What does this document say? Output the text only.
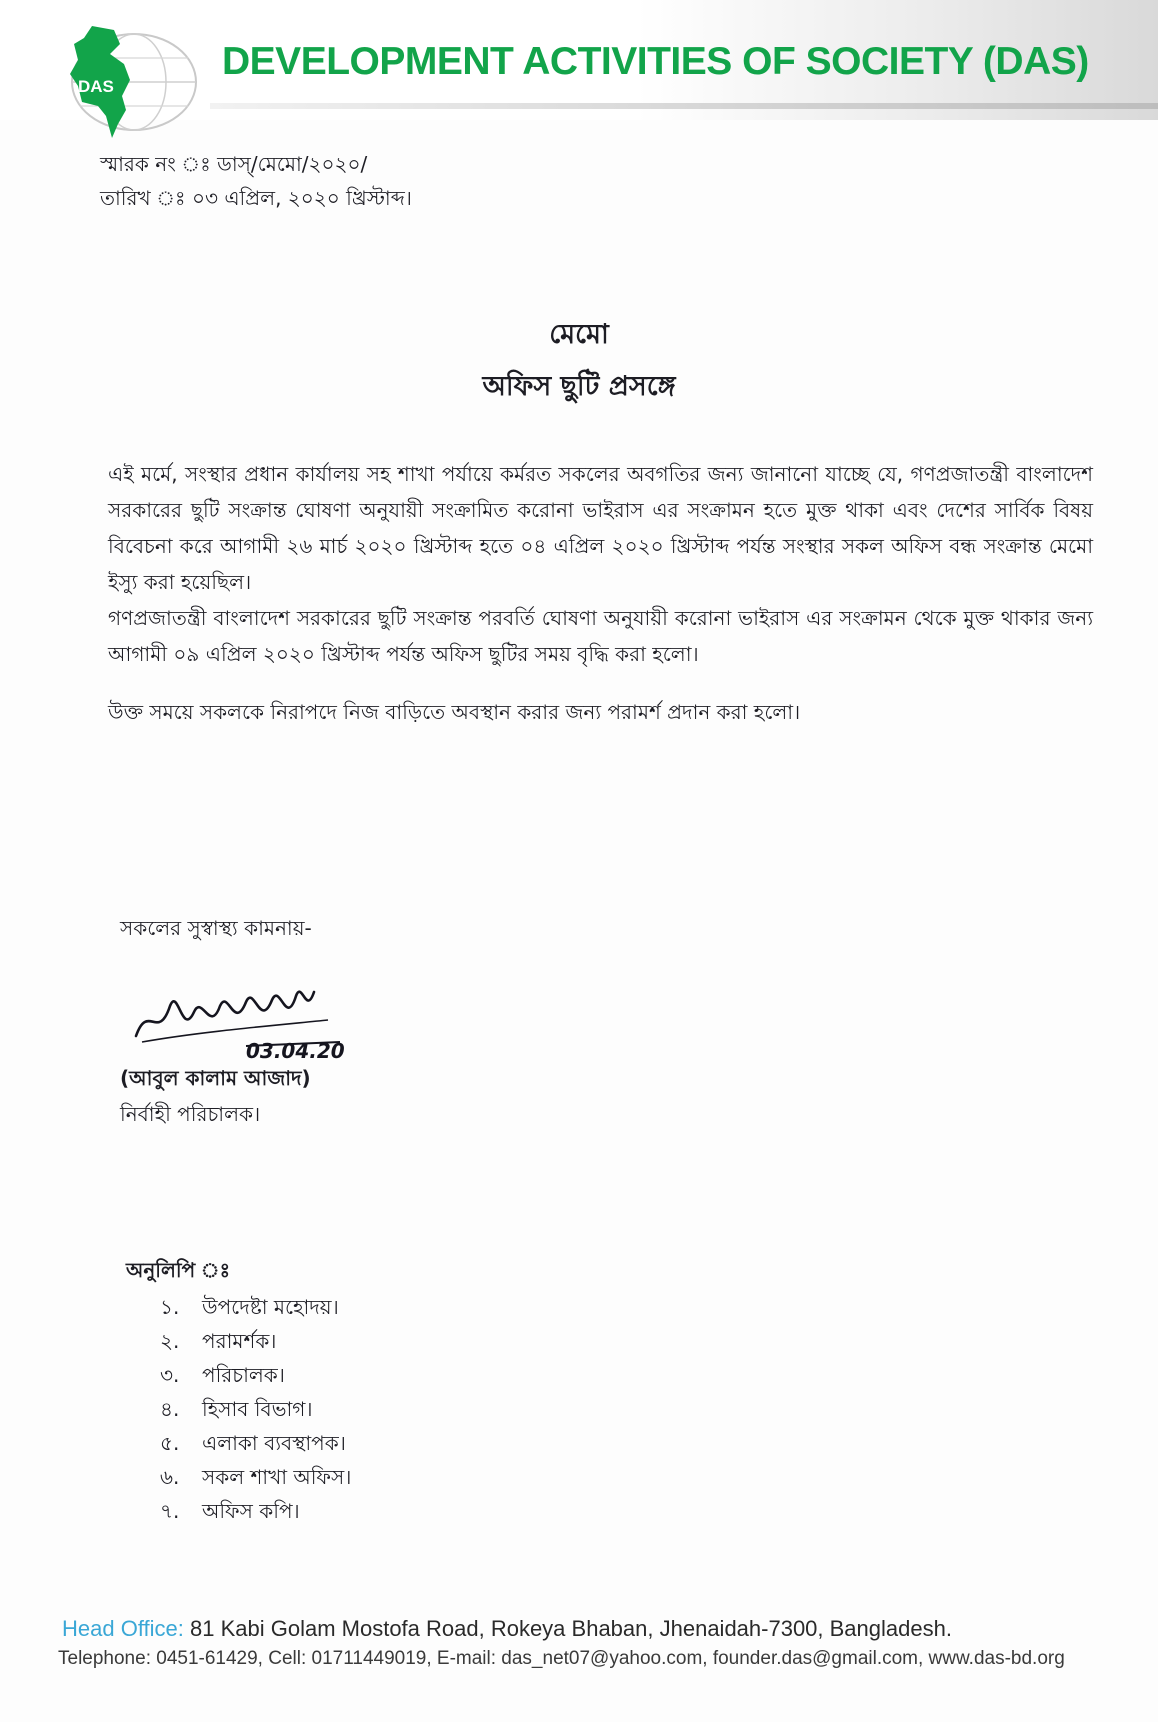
DAS
DEVELOPMENT ACTIVITIES OF SOCIETY (DAS)
স্মারক নং ঃ ডাস্/মেমো/২০২০/
তারিখ ঃ ০৩ এপ্রিল, ২০২০ খ্রিস্টাব্দ।
মেমো
অফিস ছুটি প্রসঙ্গে
এই মর্মে, সংস্থার প্রধান কার্যালয় সহ শাখা পর্যায়ে কর্মরত সকলের অবগতির জন্য জানানো যাচ্ছে যে, গণপ্রজাতন্ত্রী বাংলাদেশ সরকারের ছুটি সংক্রান্ত ঘোষণা অনুযায়ী সংক্রামিত করোনা ভাইরাস এর সংক্রামন হতে মুক্ত থাকা এবং দেশের সার্বিক বিষয় বিবেচনা করে আগামী ২৬ মার্চ ২০২০ খ্রিস্টাব্দ হতে ০৪ এপ্রিল ২০২০ খ্রিস্টাব্দ পর্যন্ত সংস্থার সকল অফিস বন্ধ সংক্রান্ত মেমো ইস্যু করা হয়েছিল।
গণপ্রজাতন্ত্রী বাংলাদেশ সরকারের ছুটি সংক্রান্ত পরবর্তি ঘোষণা অনুযায়ী করোনা ভাইরাস এর সংক্রামন থেকে মুক্ত থাকার জন্য আগামী ০৯ এপ্রিল ২০২০ খ্রিস্টাব্দ পর্যন্ত অফিস ছুটির সময় বৃদ্ধি করা হলো।
উক্ত সময়ে সকলকে নিরাপদে নিজ বাড়িতে অবস্থান করার জন্য পরামর্শ প্রদান করা হলো।
সকলের সুস্বাস্থ্য কামনায়-
03.04.20
(আবুল কালাম আজাদ)
নির্বাহী পরিচালক।
অনুলিপি ঃ
১. উপদেষ্টা মহোদয়।
২. পরামর্শক।
৩. পরিচালক।
৪. হিসাব বিভাগ।
৫. এলাকা ব্যবস্থাপক।
৬. সকল শাখা অফিস।
৭. অফিস কপি।
Head Office: 81 Kabi Golam Mostofa Road, Rokeya Bhaban, Jhenaidah-7300, Bangladesh.
Telephone: 0451-61429, Cell: 01711449019, E-mail: das_net07@yahoo.com, founder.das@gmail.com, www.das-bd.org
